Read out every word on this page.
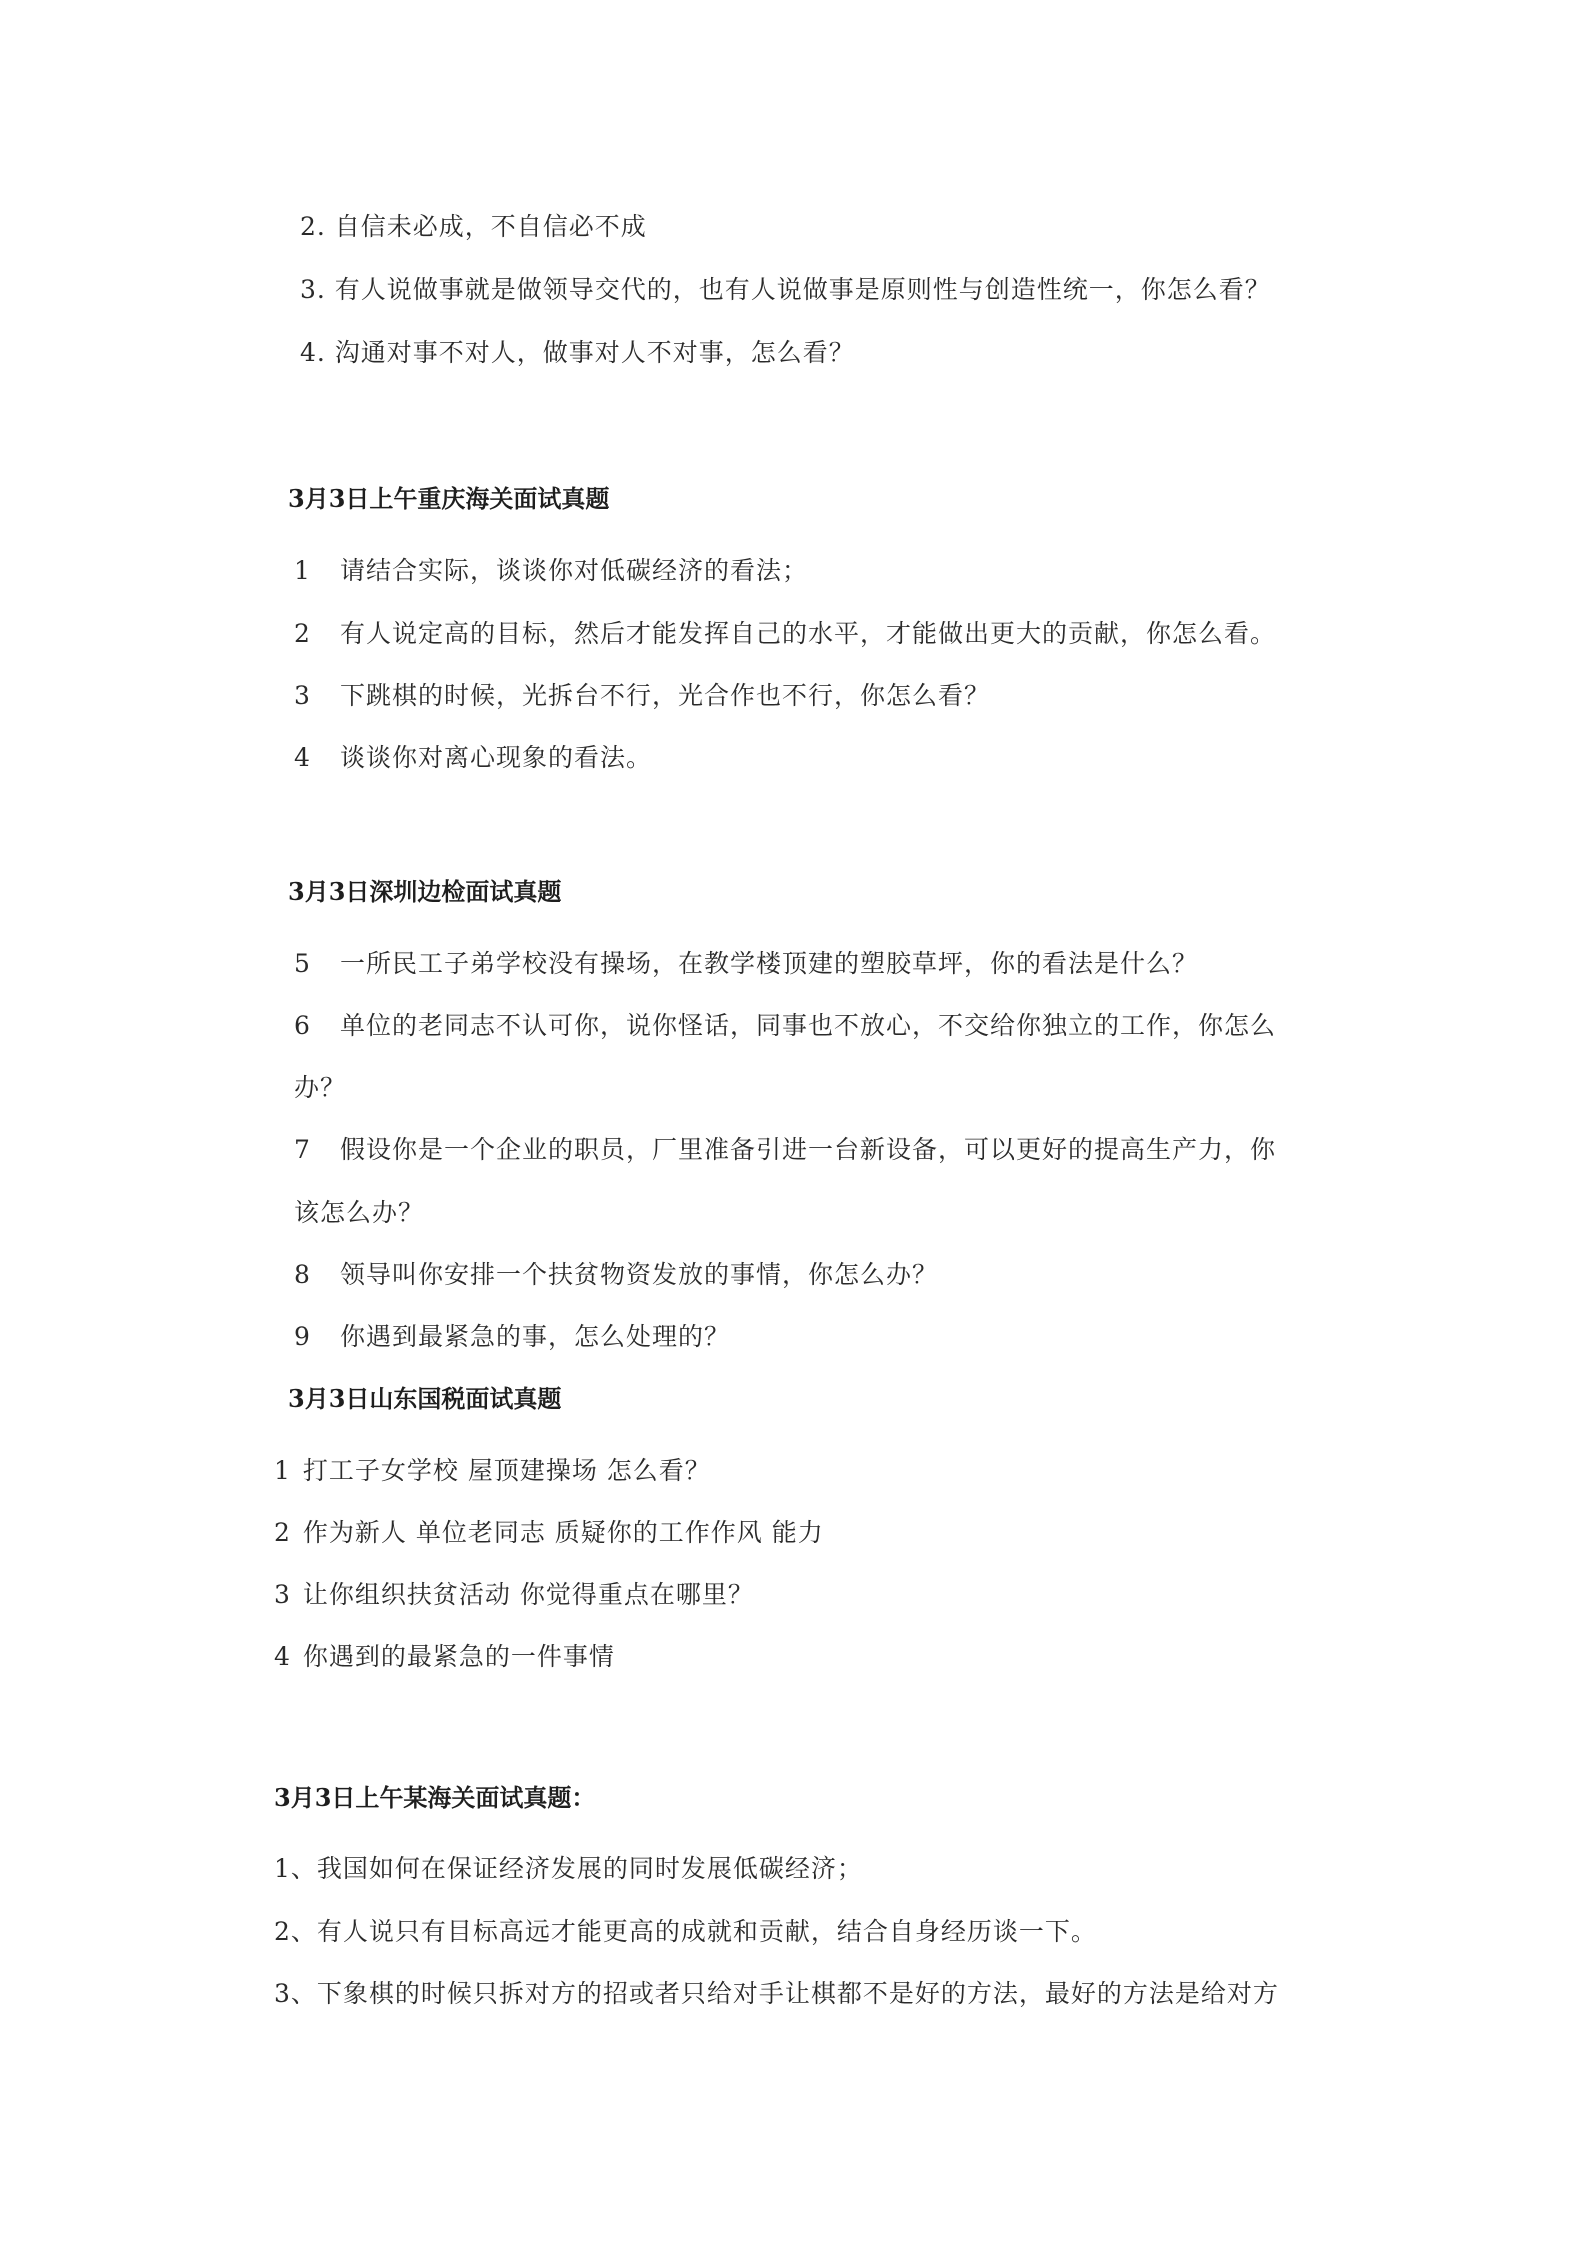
2. 自信未必成，不自信必不成
3. 有人说做事就是做领导交代的，也有人说做事是原则性与创造性统一，你怎么看？
4. 沟通对事不对人，做事对人不对事，怎么看？
3月3日上午重庆海关面试真题
1 请结合实际，谈谈你对低碳经济的看法；
2 有人说定高的目标，然后才能发挥自己的水平，才能做出更大的贡献，你怎么看。
3 下跳棋的时候，光拆台不行，光合作也不行，你怎么看？
4 谈谈你对离心现象的看法。
3月3日深圳边检面试真题
5 一所民工子弟学校没有操场，在教学楼顶建的塑胶草坪，你的看法是什么？
6 单位的老同志不认可你，说你怪话，同事也不放心，不交给你独立的工作，你怎么
办？
7 假设你是一个企业的职员，厂里准备引进一台新设备，可以更好的提高生产力，你
该怎么办？
8 领导叫你安排一个扶贫物资发放的事情，你怎么办？
9 你遇到最紧急的事，怎么处理的？
3月3日山东国税面试真题
1 打工子女学校 屋顶建操场 怎么看？
2 作为新人 单位老同志 质疑你的工作作风 能力
3 让你组织扶贫活动 你觉得重点在哪里？
4 你遇到的最紧急的一件事情
3月3日上午某海关面试真题：
1、我国如何在保证经济发展的同时发展低碳经济；
2、有人说只有目标高远才能更高的成就和贡献，结合自身经历谈一下。
3、下象棋的时候只拆对方的招或者只给对手让棋都不是好的方法，最好的方法是给对方
